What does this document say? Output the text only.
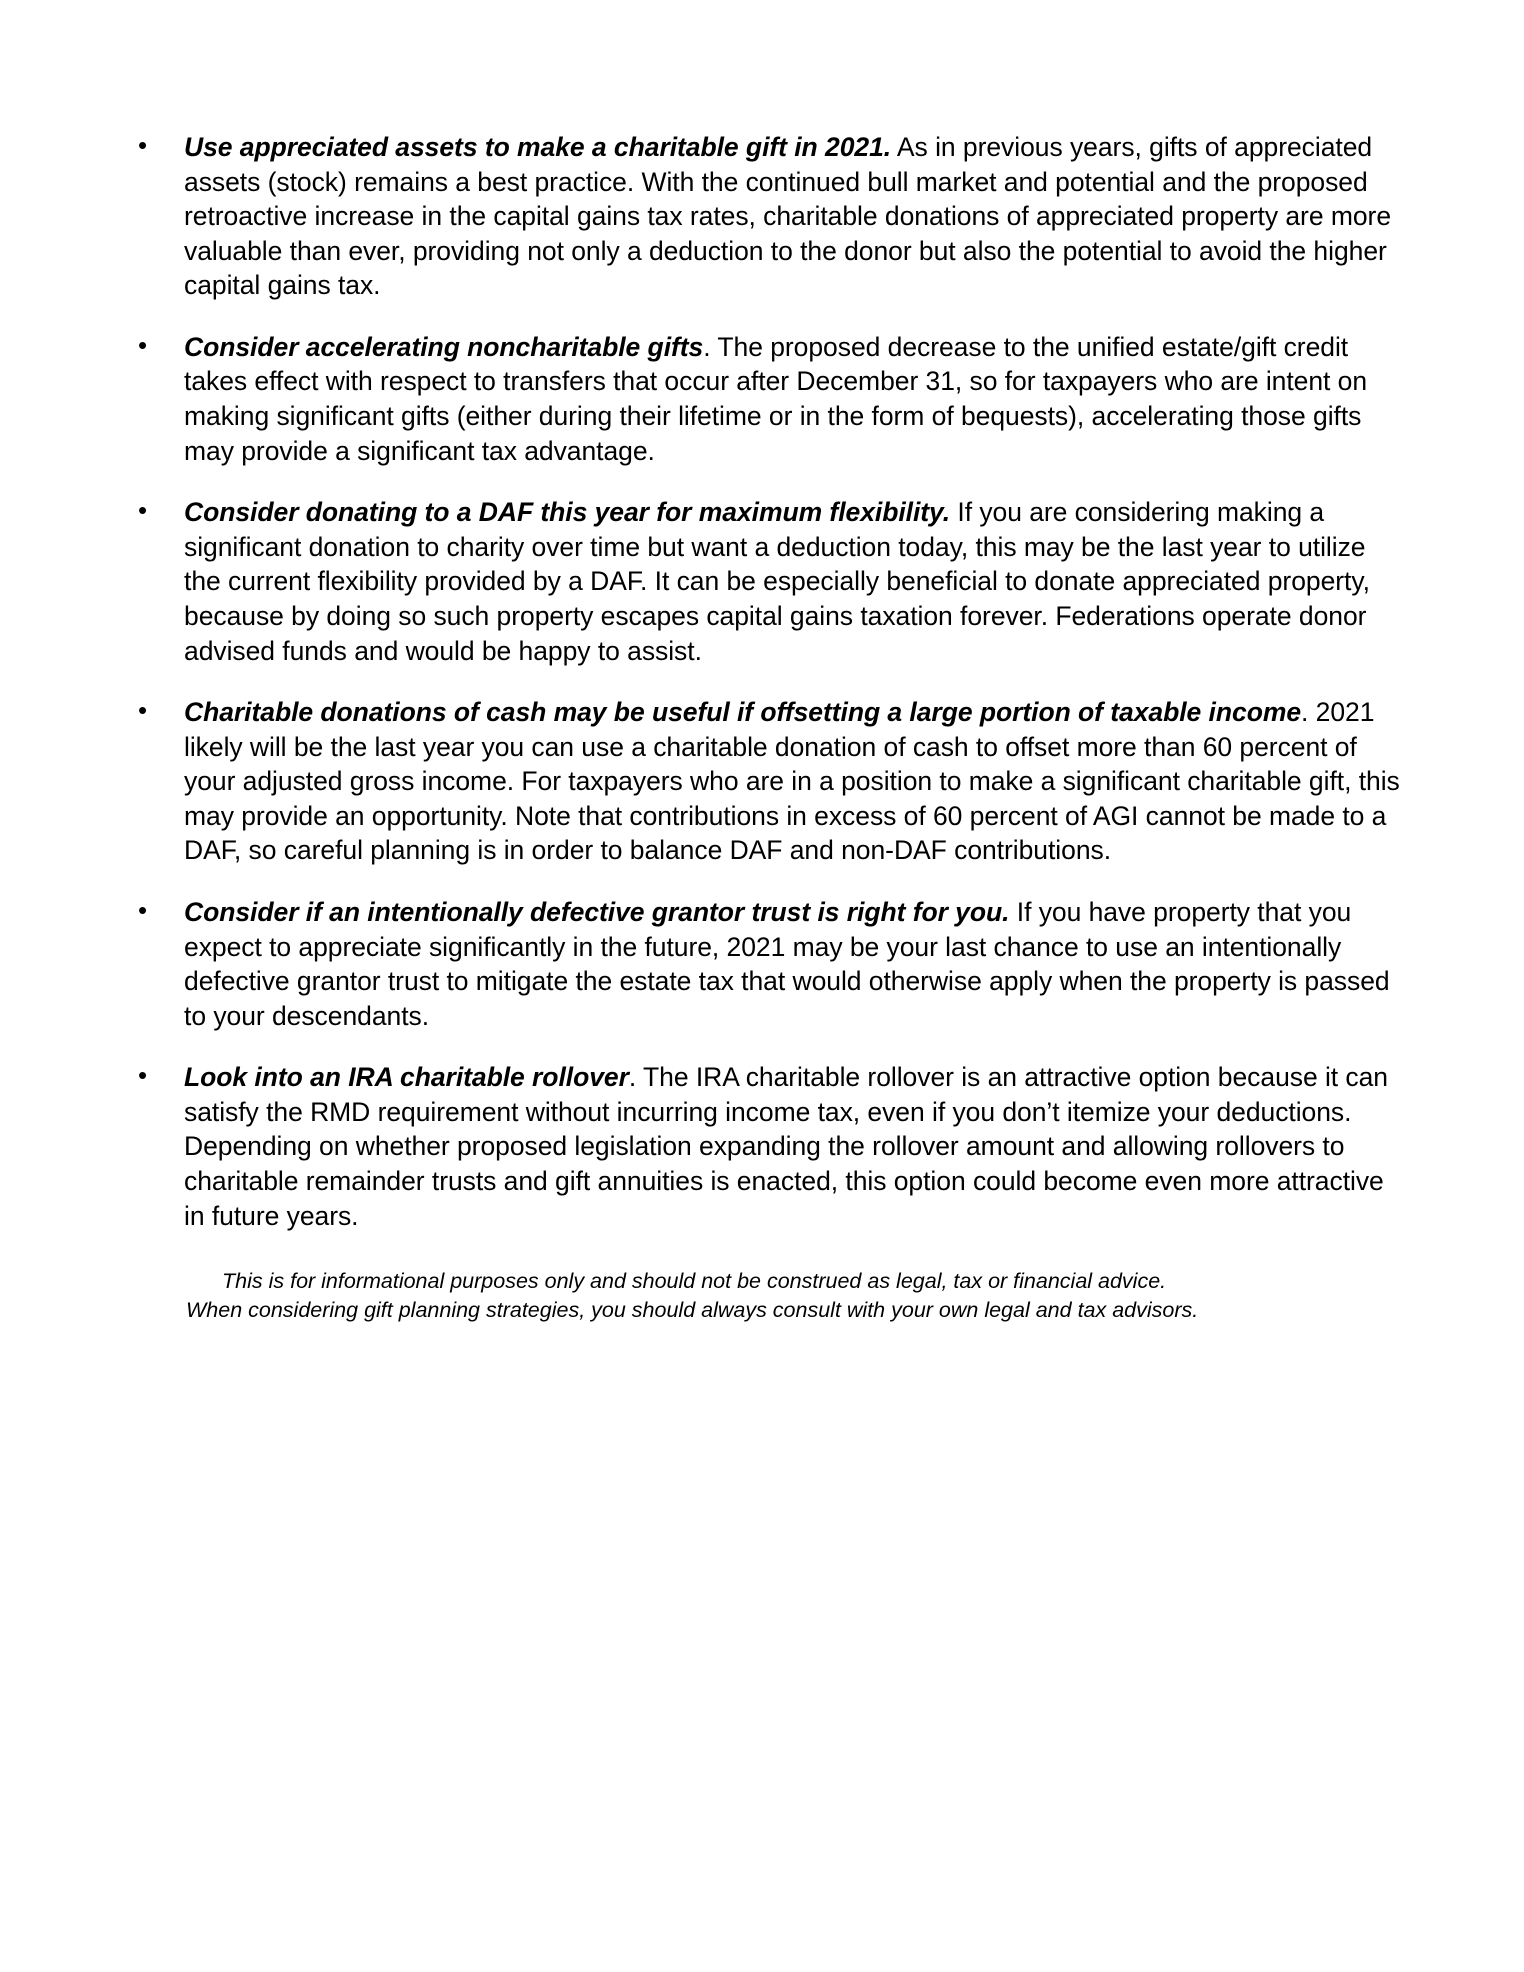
• Use appreciated assets to make a charitable gift in 2021. As in previous years, gifts of appreciated assets (stock) remains a best practice. With the continued bull market and potential and the proposed retroactive increase in the capital gains tax rates, charitable donations of appreciated property are more valuable than ever, providing not only a deduction to the donor but also the potential to avoid the higher capital gains tax.
• Consider accelerating noncharitable gifts. The proposed decrease to the unified estate/gift credit takes effect with respect to transfers that occur after December 31, so for taxpayers who are intent on making significant gifts (either during their lifetime or in the form of bequests), accelerating those gifts may provide a significant tax advantage.
• Consider donating to a DAF this year for maximum flexibility. If you are considering making a significant donation to charity over time but want a deduction today, this may be the last year to utilize the current flexibility provided by a DAF. It can be especially beneficial to donate appreciated property, because by doing so such property escapes capital gains taxation forever. Federations operate donor advised funds and would be happy to assist.
• Charitable donations of cash may be useful if offsetting a large portion of taxable income. 2021 likely will be the last year you can use a charitable donation of cash to offset more than 60 percent of your adjusted gross income. For taxpayers who are in a position to make a significant charitable gift, this may provide an opportunity. Note that contributions in excess of 60 percent of AGI cannot be made to a DAF, so careful planning is in order to balance DAF and non-DAF contributions.
• Consider if an intentionally defective grantor trust is right for you. If you have property that you expect to appreciate significantly in the future, 2021 may be your last chance to use an intentionally defective grantor trust to mitigate the estate tax that would otherwise apply when the property is passed to your descendants.
• Look into an IRA charitable rollover. The IRA charitable rollover is an attractive option because it can satisfy the RMD requirement without incurring income tax, even if you don’t itemize your deductions. Depending on whether proposed legislation expanding the rollover amount and allowing rollovers to charitable remainder trusts and gift annuities is enacted, this option could become even more attractive in future years.
This is for informational purposes only and should not be construed as legal, tax or financial advice.
When considering gift planning strategies, you should always consult with your own legal and tax advisors.
